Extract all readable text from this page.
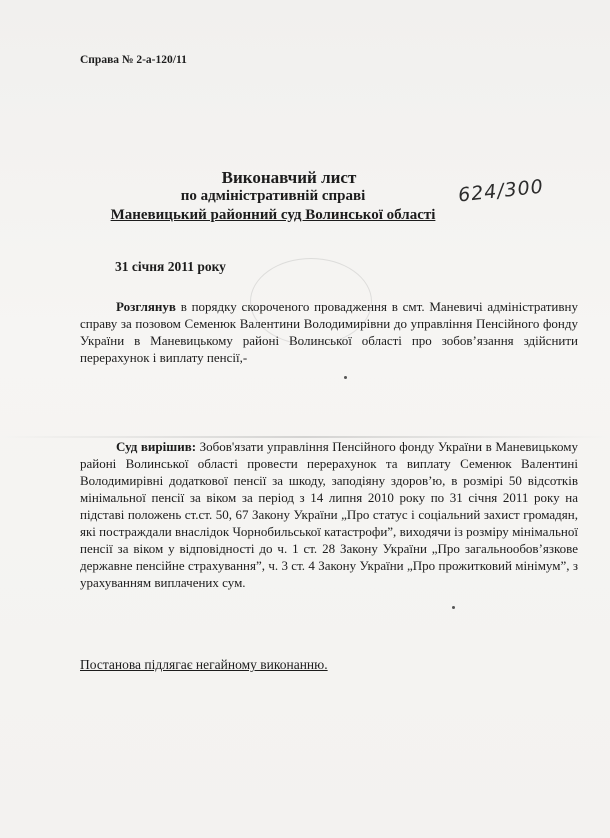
Справа № 2-а-120/11
Виконавчий лист
по адміністративній справі
Маневицький районний суд Волинської області
624/300
31 січня 2011 року
Розглянув в порядку скороченого провадження в смт. Маневичі адміністративну справу за позовом Семенюк Валентини Володимирівни до управління Пенсійного фонду України в Маневицькому районі Волинської області про зобов’язання здійснити перерахунок і виплату пенсії,-
Суд вирішив: Зобов'язати управління Пенсійного фонду України в Маневицькому районі Волинської області провести перерахунок та виплату Семенюк Валентині Володимирівні додаткової пенсії за шкоду, заподіяну здоров’ю, в розмірі 50 відсотків мінімальної пенсії за віком за період з 14 липня 2010 року по 31 січня 2011 року на підставі положень ст.ст. 50, 67 Закону України „Про статус і соціальний захист громадян, які постраждали внаслідок Чорнобильської катастрофи”, виходячи із розміру мінімальної пенсії за віком у відповідності до ч. 1 ст. 28 Закону України „Про загальнообов’язкове державне пенсійне страхування”, ч. 3 ст. 4 Закону України „Про прожитковий мінімум”, з урахуванням виплачених сум.
Постанова підлягає негайному виконанню.
